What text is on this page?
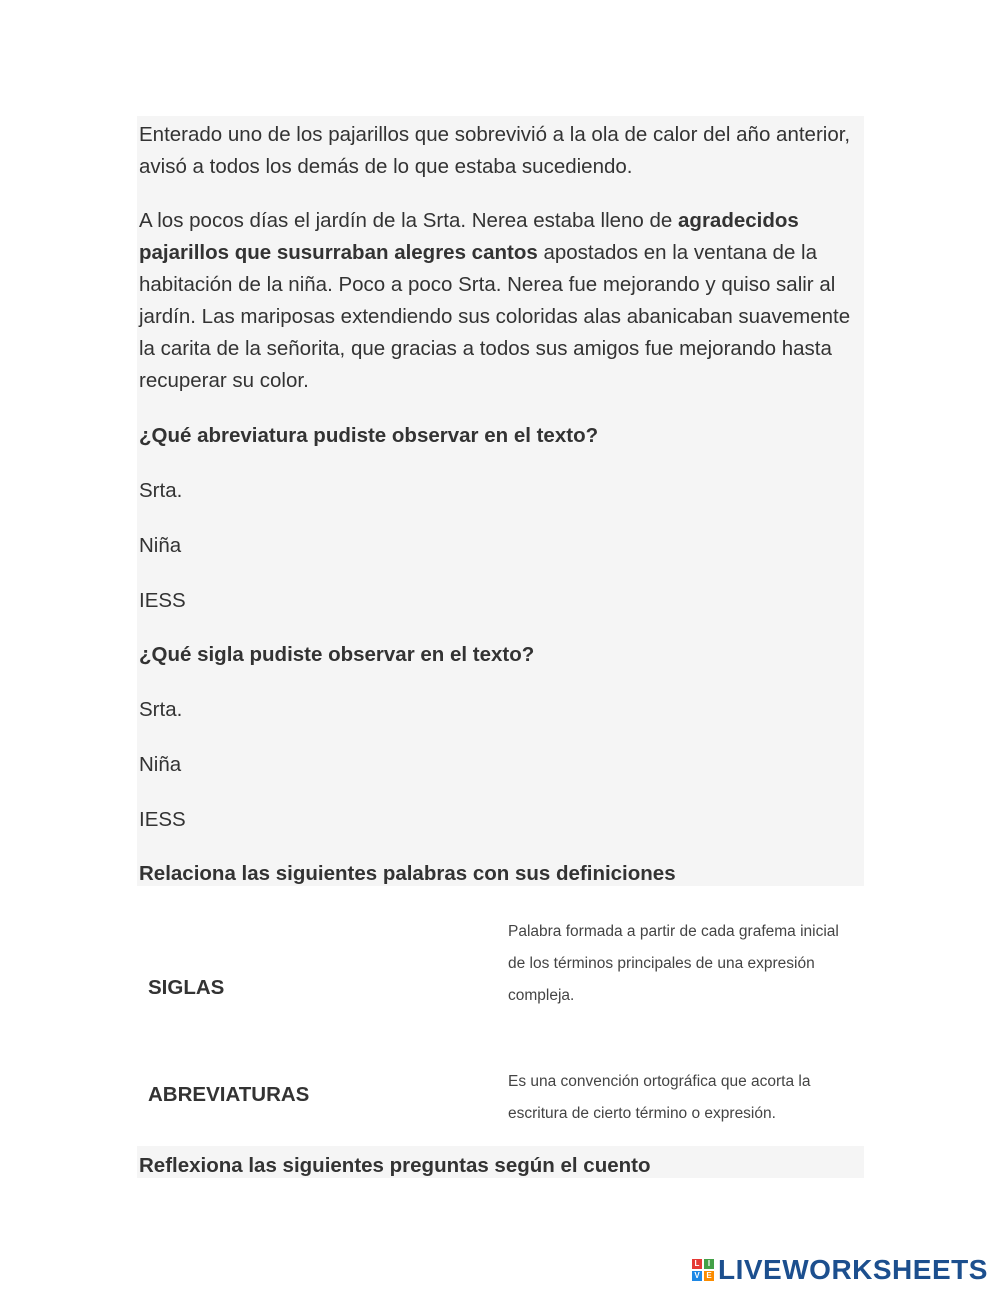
Enterado uno de los pajarillos que sobrevivió a la ola de calor del año anterior, avisó a todos los demás de lo que estaba sucediendo.

A los pocos días el jardín de la Srta. Nerea estaba lleno de agradecidos pajarillos que susurraban alegres cantos apostados en la ventana de la habitación de la niña. Poco a poco Srta. Nerea fue mejorando y quiso salir al jardín. Las mariposas extendiendo sus coloridas alas abanicaban suavemente la carita de la señorita, que gracias a todos sus amigos fue mejorando hasta recuperar su color.

¿Qué abreviatura pudiste observar en el texto?

Srta.

Niña

IESS

¿Qué sigla pudiste observar en el texto?

Srta.

Niña

IESS

Relaciona las siguientes palabras con sus definiciones

SIGLAS

Palabra formada a partir de cada grafema inicial de los términos principales de una expresión compleja.

ABREVIATURAS

Es una convención ortográfica que acorta la escritura de cierto término o expresión.

Reflexiona las siguientes preguntas según el cuento

L	I
V E LIVEWORKSHEETS
